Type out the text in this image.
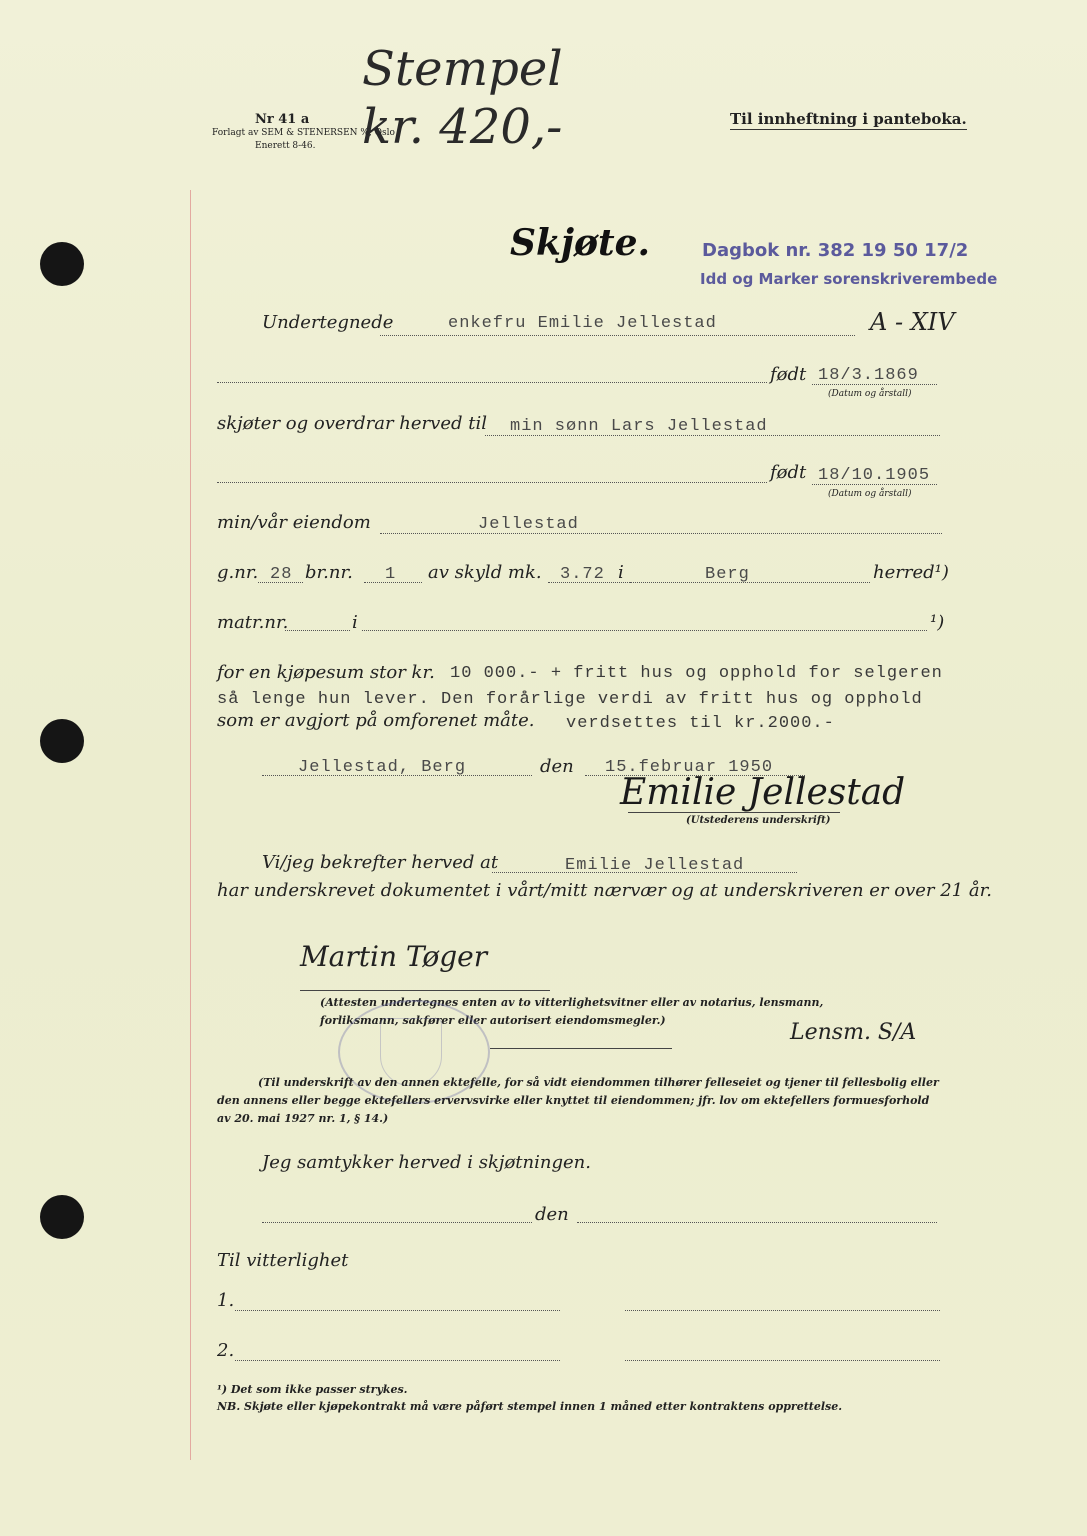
Stempel kr. 420,-
Nr 41 a
Forlagt av SEM & STENERSEN %, Oslo
Enerett 8-46.
Til innheftning i panteboka.
Skjøte.	Dagbok nr. 382 19 50 17/2
Idd og Marker sorenskriverembede
A - XIV
Undertegnede	enkefru Emilie Jellestad
født 18/3.1869
(Datum og årstall)
skjøter og overdrar herved til min sønn Lars Jellestad
født 18/10.1905
(Datum og årstall)
min/vår eiendom	Jellestad
g.nr. 28 br.nr. 1 av skyld mk. 3.72 i	Berg	herred¹)
matr.nr.	i	¹)
for en kjøpesum stor kr. 10 000.- + fritt hus og opphold for selgeren
så lenge hun lever. Den forårlige verdi av fritt hus og opphold
som er avgjort på omforenet måte. verdsettes til kr.2000.-
Jellestad, Berg	den 15.februar 1950
Emilie Jellestad
(Utstederens underskrift)
Vi/jeg bekrefter herved at	Emilie Jellestad
har underskrevet dokumentet i vårt/mitt nærvær og at underskriveren er over 21 år.
Martin Tøger
(Attesten undertegnes enten av to vitterlighetsvitner eller av notarius, lensmann,
forliksmann, sakfører eller autorisert eiendomsmegler.)	Lensm. S/A
(Til underskrift av den annen ektefelle, for så vidt eiendommen tilhører felleseiet og tjener til fellesbolig eller
den annens eller begge ektefellers ervervsvirke eller knyttet til eiendommen; jfr. lov om ektefellers formuesforhold
av 20. mai 1927 nr. 1, § 14.)
Jeg samtykker herved i skjøtningen.
den
Til vitterlighet
1.
2.
¹) Det som ikke passer strykes.
NB. Skjøte eller kjøpekontrakt må være påført stempel innen 1 måned etter kontraktens opprettelse.
